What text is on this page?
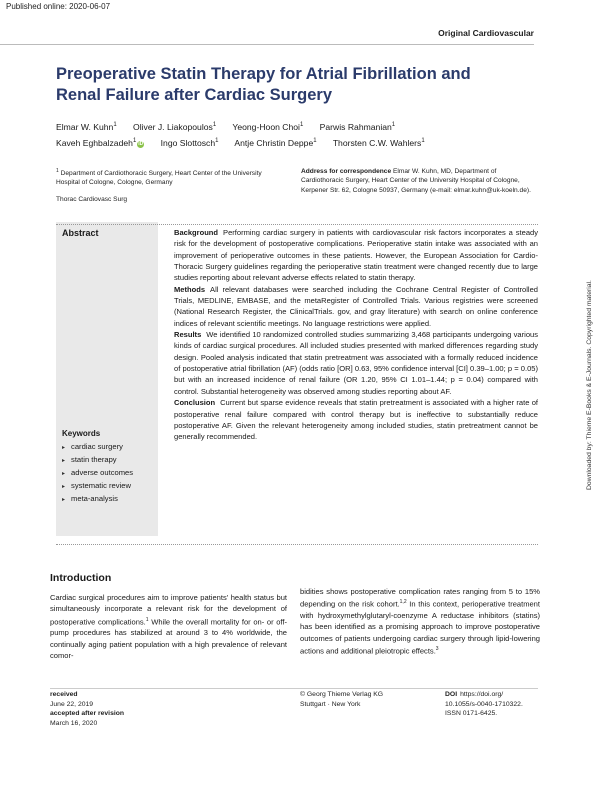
Published online: 2020-06-07
Original Cardiovascular
Preoperative Statin Therapy for Atrial Fibrillation and Renal Failure after Cardiac Surgery
Elmar W. Kuhn$^1$ Oliver J. Liakopoulos$^1$ Yeong-Hoon Choi$^1$ Parwis Rahmanian$^1$
Kaveh Eghbalzadeh$^1$ iD Ingo Slottosch$^1$ Antje Christin Deppe$^1$ Thorsten C.W. Wahlers$^1$
$^1$ Department of Cardiothoracic Surgery, Heart Center of the University Hospital of Cologne, Cologne, Germany
Thorac Cardiovasc Surg
Address for correspondence Elmar W. Kuhn, MD, Department of Cardiothoracic Surgery, Heart Center of the University Hospital of Cologne, Kerpener Str. 62, Cologne 50937, Germany (e-mail: elmar.kuhn@uk-koeln.de).
Abstract
Keywords
▸ cardiac surgery
▸ statin therapy
▸ adverse outcomes
▸ systematic review
▸ meta-analysis

Background Performing cardiac surgery in patients with cardiovascular risk factors incorporates a steady risk for the development of postoperative complications. Perioperative statin intake was associated with an improvement of perioperative outcomes in these patients. However, the European Association for Cardio-Thoracic Surgery guidelines regarding the perioperative statin treatment were changed recently due to large studies reporting about relevant adverse effects related to statin therapy.

Methods All relevant databases were searched including the Cochrane Central Register of Controlled Trials, MEDLINE, EMBASE, and the metaRegister of Controlled Trials. Various registries were screened (National Research Register, the ClinicalTrials. gov, and gray literature) with search on online conference indices of relevant scientific meetings. No language restrictions were applied.

Results We identified 10 randomized controlled studies summarizing 3,468 participants undergoing various kinds of cardiac surgical procedures. All included studies presented with marked differences regarding study design. Pooled analysis indicated that statin pretreatment was associated with a formally reduced incidence of postoperative atrial fibrillation (AF) (odds ratio [OR] 0.63, 95% confidence interval [CI] 0.39–1.00; p = 0.05) but with an increased incidence of renal failure (OR 1.20, 95% CI 1.01–1.44; p = 0.04) compared with control. Substantial heterogeneity was observed among studies reporting about AF.

Conclusion Current but sparse evidence reveals that statin pretreatment is associated with a higher rate of postoperative renal failure compared with control therapy but is ineffective to substantially reduce postoperative AF. Given the relevant heterogeneity among included studies, statin pretreatment cannot be generally recommended.

Introduction
Cardiac surgical procedures aim to improve patients' health status but simultaneously incorporate a relevant risk for the development of postoperative complications.$^1$ While the overall mortality for on- or off-pump procedures has stabilized at around 3 to 4% worldwide, the continually aging patient population with a high prevalence of relevant comor-
bidities shows postoperative complication rates ranging from 5 to 15% depending on the risk cohort.$^{1,2}$ In this context, perioperative treatment with hydroxymethylglutaryl-coenzyme A reductase inhibitors (statins) has been identified as a promising approach to improve postoperative outcomes of patients undergoing cardiac surgery through lipid-lowering actions and additional pleiotropic effects.$^3$
received
June 22, 2019
accepted after revision
March 16, 2020
© Georg Thieme Verlag KG
Stuttgart · New York
DOI https://doi.org/
10.1055/s-0040-1710322.
ISSN 0171-6425.
Downloaded by: Thieme E-Books & E-Journals. Copyrighted material.
